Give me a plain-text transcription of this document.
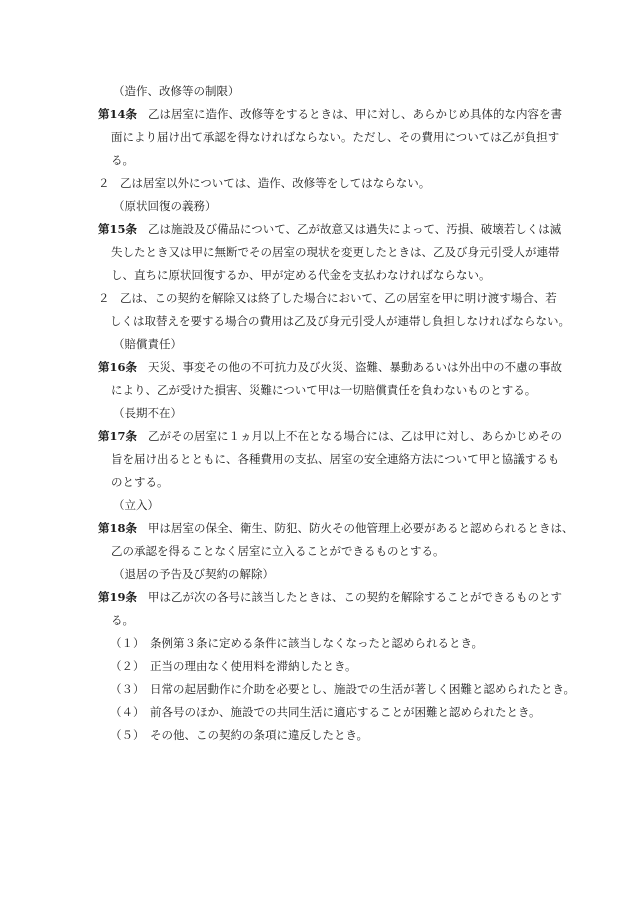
（造作、改修等の制限）
第14条 乙は居室に造作、改修等をするときは、甲に対し、あらかじめ具体的な内容を書
面により届け出て承認を得なければならない。ただし、その費用については乙が負担す
る。
２ 乙は居室以外については、造作、改修等をしてはならない。
（原状回復の義務）
第15条 乙は施設及び備品について、乙が故意又は過失によって、汚損、破壊若しくは滅
失したとき又は甲に無断でその居室の現状を変更したときは、乙及び身元引受人が連帯
し、直ちに原状回復するか、甲が定める代金を支払わなければならない。
２ 乙は、この契約を解除又は終了した場合において、乙の居室を甲に明け渡す場合、若
しくは取替えを要する場合の費用は乙及び身元引受人が連帯し負担しなければならない。
（賠償責任）
第16条 天災、事変その他の不可抗力及び火災、盗難、暴動あるいは外出中の不慮の事故
により、乙が受けた損害、災難について甲は一切賠償責任を負わないものとする。
（長期不在）
第17条 乙がその居室に１ヵ月以上不在となる場合には、乙は甲に対し、あらかじめその
旨を届け出るとともに、各種費用の支払、居室の安全連絡方法について甲と協議するも
のとする。
（立入）
第18条 甲は居室の保全、衛生、防犯、防火その他管理上必要があると認められるときは、
乙の承認を得ることなく居室に立入ることができるものとする。
（退居の予告及び契約の解除）
第19条 甲は乙が次の各号に該当したときは、この契約を解除することができるものとす
る。
（１） 条例第３条に定める条件に該当しなくなったと認められるとき。
（２） 正当の理由なく使用料を滞納したとき。
（３） 日常の起居動作に介助を必要とし、施設での生活が著しく困難と認められたとき。
（４） 前各号のほか、施設での共同生活に適応することが困難と認められたとき。
（５） その他、この契約の条項に違反したとき。
